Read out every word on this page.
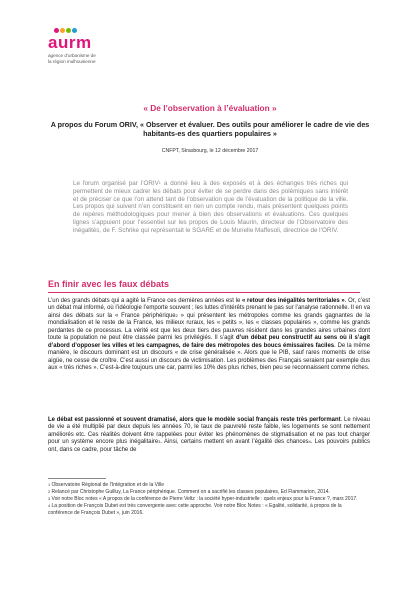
aurm
agence d’urbanisme de
la région mulhousienne
« De l’observation à l’évaluation »
A propos du Forum ORIV, « Observer et évaluer. Des outils pour améliorer le cadre de vie des habitants-es des quartiers populaires »
CNFPT, Strasbourg, le 12 décembre 2017
Le forum organisé par l’ORIV$^1$ a donné lieu à des exposés et à des échanges très riches qui permettent de mieux cadrer les débats pour éviter de se perdre dans des polémiques sans intérêt et de préciser ce que l’on attend tant de l’observation que de l’évaluation de la politique de la ville. Les propos qui suivent n’en constituent en rien un compte rendu, mais présentent quelques points de repères méthodologiques pour mener à bien des observations et évaluations. Ces quelques lignes s’appuient pour l’essentiel sur les propos de Louis Maurin, directeur de l’Observatoire des inégalités, de F. Schrike qui représentait le SGARE et de Murielle Maffesoli, directrice de l’ORIV.
En finir avec les faux débats
L’un des grands débats qui a agité la France ces dernières années est le « retour des inégalités territoriales ». Or, c’est un débat mal informé, où l’idéologie l’emporte souvent ; les luttes d’intérêts prenant le pas sur l’analyse rationnelle. Il en va ainsi des débats sur la « France périphérique$^2$ » qui présentent les métropoles comme les grands gagnantes de la mondialisation et le reste de la France, les milieux ruraux, les « petits », les « classes populaires », comme les grands perdantes de ce processus. La vérité est que les deux tiers des pauvres résident dans les grandes aires urbaines dont toute la population ne peut être classée parmi les privilégiés. Il s’agit d’un débat peu constructif au sens où il s’agit d’abord d’opposer les villes et les campagnes, de faire des métropoles des boucs émissaires faciles. De la même manière, le discours dominant est un discours « de crise généralisée ». Alors que le PIB, sauf rares moments de crise aigüe, ne cesse de croître. C’est aussi un discours de victimisation. Les problèmes des Français seraient par exemple dus aux « très riches ». C’est-à-dire toujours une car, parmi les 10% des plus riches, bien peu se reconnaissent comme riches.
Le débat est passionné et souvent dramatisé, alors que le modèle social français reste très performant. Le niveau de vie a été multiplié par deux depuis les années 70, le taux de pauvreté reste faible, les logements se sont nettement améliorés etc. Ces réalités doivent être rappelées pour éviter les phénomènes de stigmatisation et ne pas tout charger pour un système encore plus inégalitaire$^3$. Ainsi, certains mettent en avant l’égalité des chances$^4$. Les pouvoirs publics ont, dans ce cadre, pour tâche de
$^1$ Observatoire Régional de l’Intégration et de la Ville
$^2$ Relancé par Christophe Guilluy, La France périphérique. Comment on a sacrifié les classes populaires, Ed Flammarion, 2014.
$^3$ Voir notre Bloc notes « A propos de la conférence de Pierre Veltz : la société hyper-industrielle : quels enjeux pour la France ?, mars 2017.
$^4$ La position de François Dubet est très convergente avec cette approche. Voir notre Bloc Notes : « Egalité, solidarité, à propos de la conférence de François Dubet », juin 2016.
